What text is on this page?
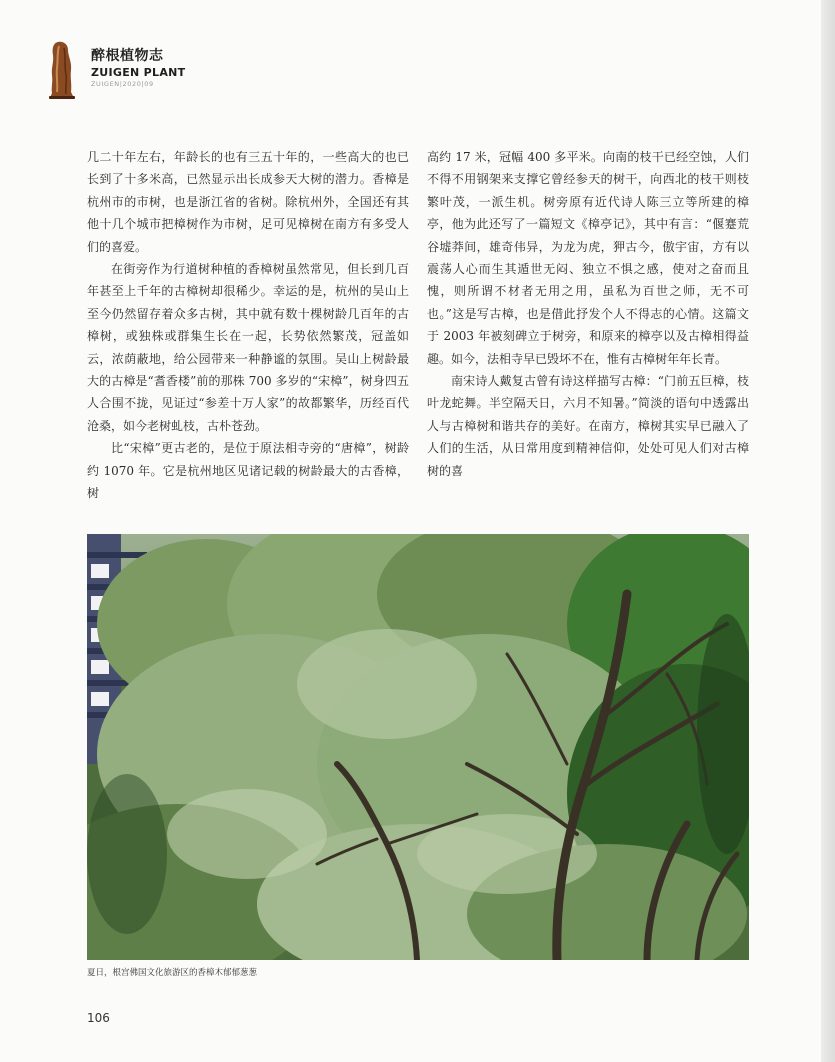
醉根植物志
ZUIGEN PLANT
ZUIGEN|2020|09

几二十年左右，年龄长的也有三五十年的，一些高大的也已长到了十多米高，已然显示出长成参天大树的潜力。香樟是杭州市的市树，也是浙江省的省树。除杭州外，全国还有其他十几个城市把樟树作为市树，足可见樟树在南方有多受人们的喜爱。

在街旁作为行道树种植的香樟树虽然常见，但长到几百年甚至上千年的古樟树却很稀少。幸运的是，杭州的吴山上至今仍然留存着众多古树，其中就有数十棵树龄几百年的古樟树，或独株或群集生长在一起，长势依然繁茂，冠盖如云，浓荫蔽地，给公园带来一种静谧的氛围。吴山上树龄最大的古樟是“耆香楼”前的那株 700 多岁的“宋樟”，树身四五人合围不拢，见证过“参差十万人家”的故都繁华，历经百代沧桑，如今老树虬枝，古朴苍劲。

比“宋樟”更古老的，是位于原法相寺旁的“唐樟”，树龄约 1070 年。它是杭州地区见诸记载的树龄最大的古香樟，树

高约 17 米，冠幅 400 多平米。向南的枝干已经空蚀，人们不得不用钢架来支撑它曾经参天的树干，向西北的枝干则枝繁叶茂，一派生机。树旁原有近代诗人陈三立等所建的樟亭，他为此还写了一篇短文《樟亭记》，其中有言：“偃蹇荒谷墟莽间，雄奇伟异，为龙为虎，狎古今，傲宇宙，方有以震荡人心而生其遁世无闷、独立不惧之感，使对之奋而且愧，则所谓不材者无用之用，虽私为百世之师，无不可也。”这是写古樟，也是借此抒发个人不得志的心情。这篇文于 2003 年被刻碑立于树旁，和原来的樟亭以及古樟相得益趣。如今，法相寺早已毁坏不在，惟有古樟树年年长青。

南宋诗人戴复古曾有诗这样描写古樟：“门前五巨樟，枝叶龙蛇舞。半空隔天日，六月不知暑。”简淡的语句中透露出人与古樟树和谐共存的美好。在南方，樟树其实早已融入了人们的生活，从日常用度到精神信仰，处处可见人们对古樟树的喜

夏日，根宫佛国文化旅游区的香樟木郁郁葱葱
106
